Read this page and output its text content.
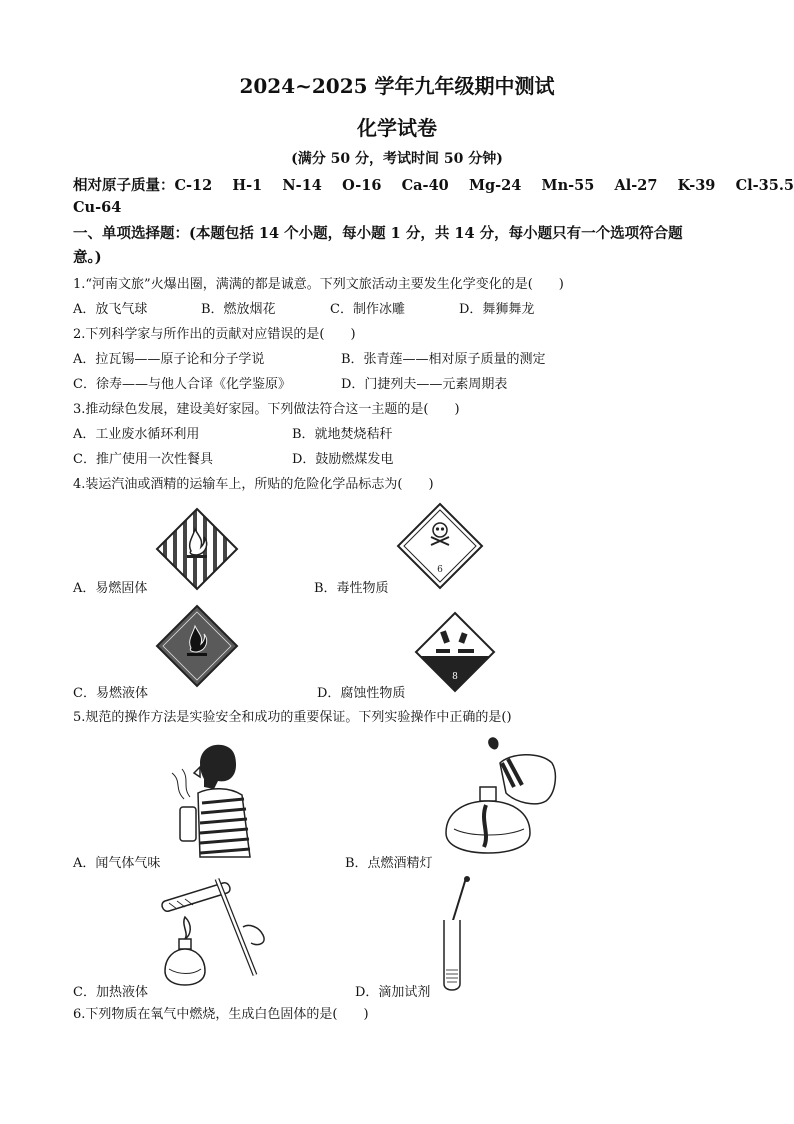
2024~2025 学年九年级期中测试
化学试卷
(满分 50 分，考试时间 50 分钟)
相对原子质量：C-12    H-1    N-14    O-16    Ca-40    Mg-24    Mn-55    Al-27    K-39    Cl-35.5
Cu-64
一、单项选择题：(本题包括 14 个小题，每小题 1 分，共 14 分，每小题只有一个选项符合题
意。)
1.“河南文旅”火爆出圈，满满的都是诚意。下列文旅活动主要发生化学变化的是(　　)
A．放飞气球	B．燃放烟花	C．制作冰雕	D．舞狮舞龙
2.下列科学家与所作出的贡献对应错误的是(　　)
A．拉瓦锡——原子论和分子学说	B．张青莲——相对原子质量的测定
C．徐寿——与他人合译《化学鉴原》	D．门捷列夫——元素周期表
3.推动绿色发展，建设美好家园。下列做法符合这一主题的是(　　)
A．工业废水循环利用	B．就地焚烧秸秆
C．推广使用一次性餐具	D．鼓励燃煤发电
4.装运汽油或酒精的运输车上，所贴的危险化学品标志为(　　)
6
A．易燃固体	B．毒性物质
8
C．易燃液体	D．腐蚀性物质
5.规范的操作方法是实验安全和成功的重要保证。下列实验操作中正确的是()
A．闻气体气味	B．点燃酒精灯
C．加热液体	D．滴加试剂
6.下列物质在氧气中燃烧，生成白色固体的是(　　)
